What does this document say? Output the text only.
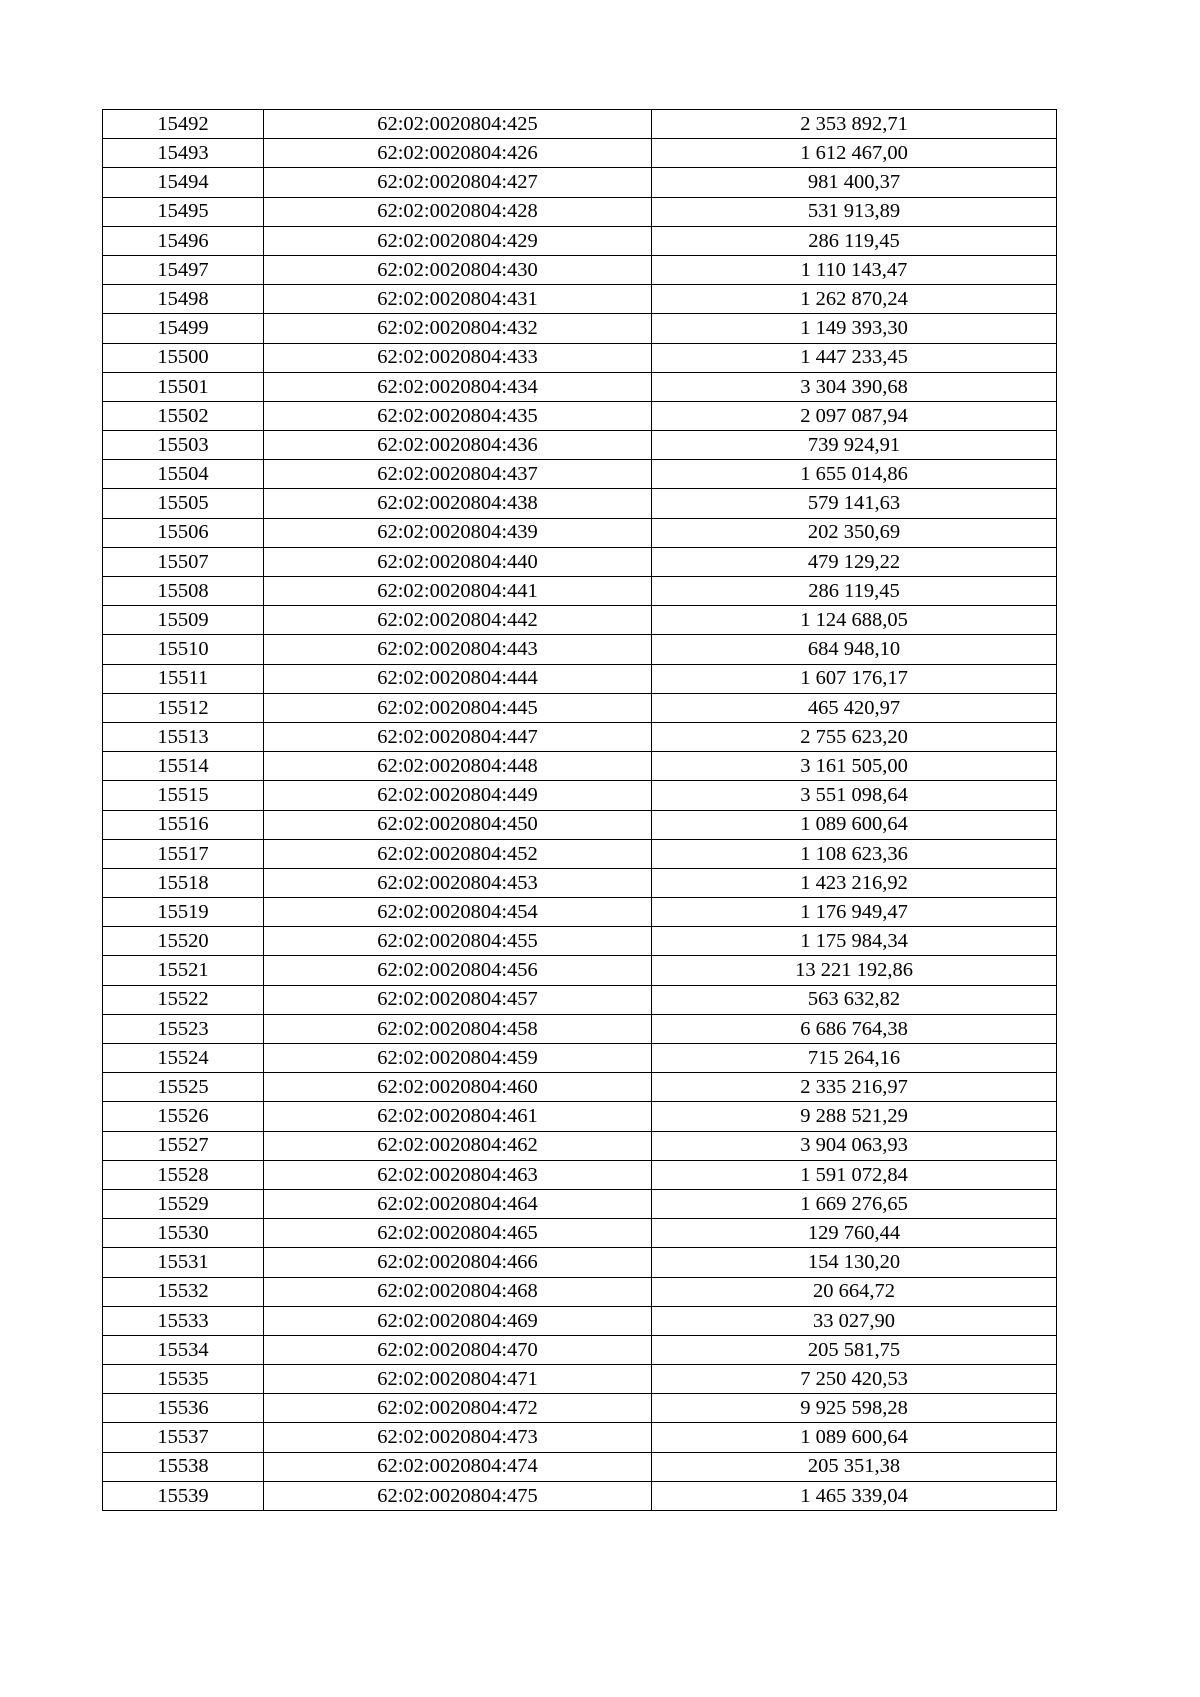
15492	62:02:0020804:425	2 353 892,71
15493	62:02:0020804:426	1 612 467,00
15494	62:02:0020804:427	981 400,37
15495	62:02:0020804:428	531 913,89
15496	62:02:0020804:429	286 119,45
15497	62:02:0020804:430	1 110 143,47
15498	62:02:0020804:431	1 262 870,24
15499	62:02:0020804:432	1 149 393,30
15500	62:02:0020804:433	1 447 233,45
15501	62:02:0020804:434	3 304 390,68
15502	62:02:0020804:435	2 097 087,94
15503	62:02:0020804:436	739 924,91
15504	62:02:0020804:437	1 655 014,86
15505	62:02:0020804:438	579 141,63
15506	62:02:0020804:439	202 350,69
15507	62:02:0020804:440	479 129,22
15508	62:02:0020804:441	286 119,45
15509	62:02:0020804:442	1 124 688,05
15510	62:02:0020804:443	684 948,10
15511	62:02:0020804:444	1 607 176,17
15512	62:02:0020804:445	465 420,97
15513	62:02:0020804:447	2 755 623,20
15514	62:02:0020804:448	3 161 505,00
15515	62:02:0020804:449	3 551 098,64
15516	62:02:0020804:450	1 089 600,64
15517	62:02:0020804:452	1 108 623,36
15518	62:02:0020804:453	1 423 216,92
15519	62:02:0020804:454	1 176 949,47
15520	62:02:0020804:455	1 175 984,34
15521	62:02:0020804:456	13 221 192,86
15522	62:02:0020804:457	563 632,82
15523	62:02:0020804:458	6 686 764,38
15524	62:02:0020804:459	715 264,16
15525	62:02:0020804:460	2 335 216,97
15526	62:02:0020804:461	9 288 521,29
15527	62:02:0020804:462	3 904 063,93
15528	62:02:0020804:463	1 591 072,84
15529	62:02:0020804:464	1 669 276,65
15530	62:02:0020804:465	129 760,44
15531	62:02:0020804:466	154 130,20
15532	62:02:0020804:468	20 664,72
15533	62:02:0020804:469	33 027,90
15534	62:02:0020804:470	205 581,75
15535	62:02:0020804:471	7 250 420,53
15536	62:02:0020804:472	9 925 598,28
15537	62:02:0020804:473	1 089 600,64
15538	62:02:0020804:474	205 351,38
15539	62:02:0020804:475	1 465 339,04
